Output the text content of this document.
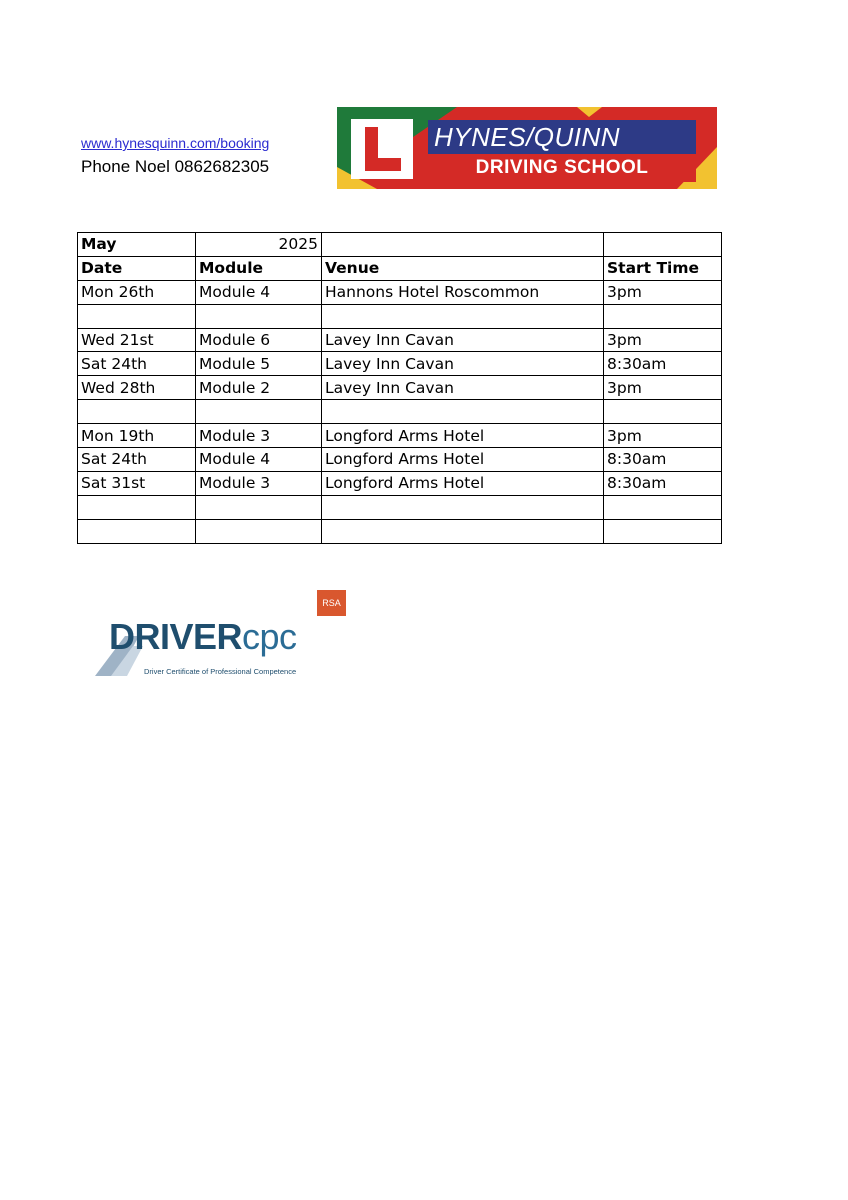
www.hynesquinn.com/booking
Phone Noel 0862682305
HYNES/QUINN
DRIVING SCHOOL
May	2025		
Date	Module	Venue	Start Time
Mon 26th	Module 4	Hannons Hotel Roscommon	3pm

Wed 21st	Module 6	Lavey Inn Cavan	3pm
Sat 24th	Module 5	Lavey Inn Cavan	8:30am
Wed 28th	Module 2	Lavey Inn Cavan	3pm

Mon 19th	Module 3	Longford Arms Hotel	3pm
Sat 24th	Module 4	Longford Arms Hotel	8:30am
Sat 31st	Module 3	Longford Arms Hotel	8:30am

RSA
DRIVERcpc
Driver Certificate of Professional Competence
